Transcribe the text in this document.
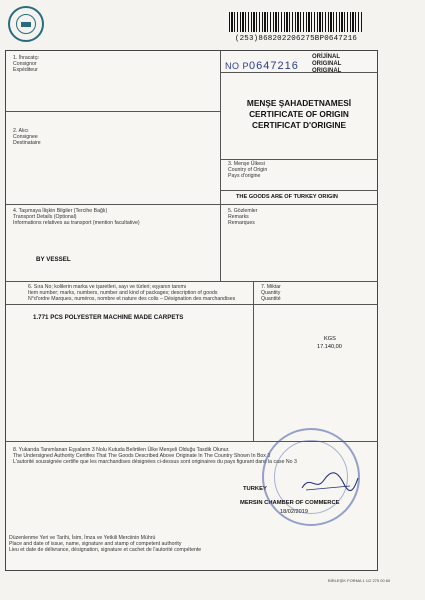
(253)868202206275BP0647216
1. İhracatçı
Consignor
Expéditeur	NO P0647216
ORİJİNAL
ORIGINAL
ORIGINAL
MENŞE ŞAHADETNAMESİ
CERTIFICATE OF ORIGIN
CERTIFICAT D'ORIGINE
2. Alıcı
Consignee
Destinataire
3. Menşe Ülkesi
Country of Origin
Pays d'origine
THE GOODS ARE OF TURKEY ORIGIN
4. Taşımaya İlişkin Bilgiler (Tercihe Bağlı)
Transport Details (Optional)
Informations relatives au transport (mention facultative)
BY VESSEL
5. Gözlemler
Remarks
Remarques
6. Sıra No; kolilerin marka ve işaretleri, sayı ve türleri; eşyanın tanımı
Item number; marks, numbers, number and kind of packages; description of goods
N°d'ordre Marques, numéros, nombre et nature des colis – Désignation des marchandises
1.771 PCS POLYESTER MACHINE MADE CARPETS
7. Miktar
Quantity
Quantité
KGS
17.140,00
8. Yukarıda Tanımlanan Eşyaların 3 Nolu Kutuda Belirtilen Ülke Menşeli Olduğu Tasdik Olunur.
The Undersigned Authority Certifies That The Goods Described Above Originate In The Country Shown In Box 3
L'autorité soussignée certifie que les marchandises désignées ci-dessus sont originaires du pays figurant dans la case No 3
TURKEY
MERSIN CHAMBER OF COMMERCE
18/02/2019
Düzenlenme Yeri ve Tarihi, İsim, İmza ve Yetkili Merciinin Mührü
Place and date of issue, name, signature and stamp of competent authority
Lieu et date de délivrance, désignation, signature et cachet de l'autorité compétente
BİRLEŞİK FORMA 1 1/2 275 00 60
